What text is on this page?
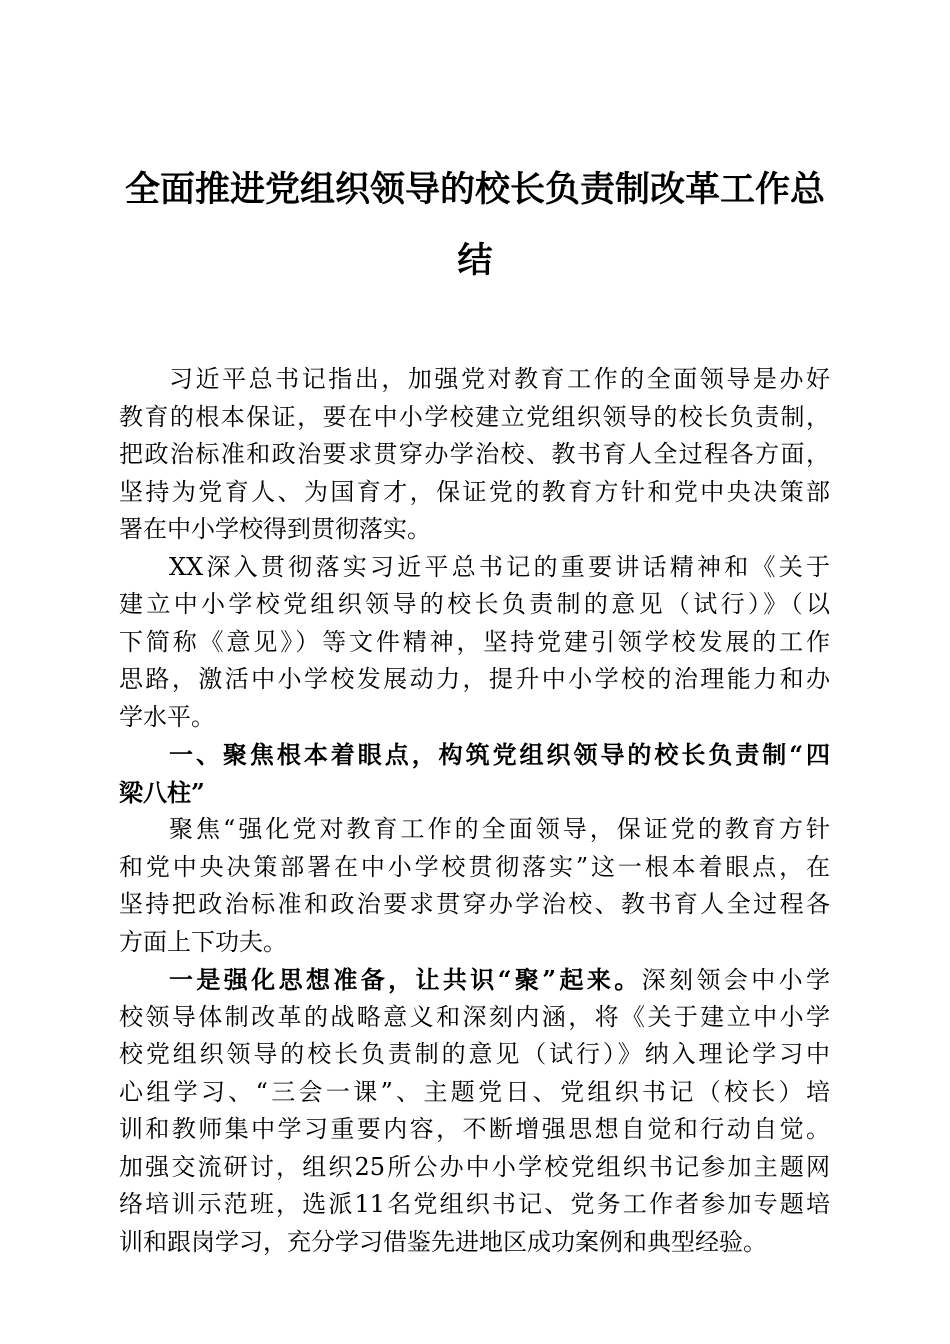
全面推进党组织领导的校长负责制改革工作总
结
习近平总书记指出，加强党对教育工作的全面领导是办好
教育的根本保证，要在中小学校建立党组织领导的校长负责制，
把政治标准和政治要求贯穿办学治校、教书育人全过程各方面，
坚持为党育人、为国育才，保证党的教育方针和党中央决策部
署在中小学校得到贯彻落实。
XX深入贯彻落实习近平总书记的重要讲话精神和《关于
建立中小学校党组织领导的校长负责制的意见（试行）》（以
下简称《意见》）等文件精神，坚持党建引领学校发展的工作
思路，激活中小学校发展动力，提升中小学校的治理能力和办
学水平。
一、聚焦根本着眼点，构筑党组织领导的校长负责制“四
梁八柱”
聚焦“强化党对教育工作的全面领导，保证党的教育方针
和党中央决策部署在中小学校贯彻落实”这一根本着眼点，在
坚持把政治标准和政治要求贯穿办学治校、教书育人全过程各
方面上下功夫。
一是强化思想准备，让共识“聚”起来。深刻领会中小学
校领导体制改革的战略意义和深刻内涵，将《关于建立中小学
校党组织领导的校长负责制的意见（试行）》纳入理论学习中
心组学习、“三会一课”、主题党日、党组织书记（校长）培
训和教师集中学习重要内容，不断增强思想自觉和行动自觉。
加强交流研讨，组织25所公办中小学校党组织书记参加主题网
络培训示范班，选派11名党组织书记、党务工作者参加专题培
训和跟岗学习，充分学习借鉴先进地区成功案例和典型经验。
